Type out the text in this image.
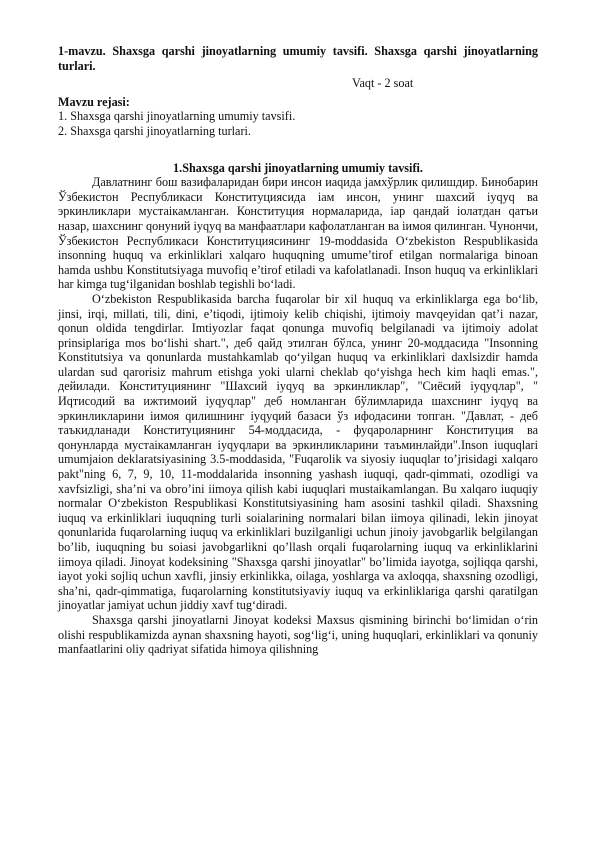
1-mavzu. Shaxsga qarshi jinoyatlarning umumiy tavsifi. Shaxsga qarshi jinoyatlarning turlari.

Vaqt - 2 soat
Mavzu rejasi:
1. Shaxsga qarshi jinoyatlarning umumiy tavsifi.
2. Shaxsga qarshi jinoyatlarning turlari.
1.Shaxsga qarshi jinoyatlarning umumiy tavsifi.

Давлатнинг бош вазифаларидан бири инсон иаqида jамхўрлик qилишдир. Бинобарин Ўзбекистон Республикаси Конституциясида iам инсон, унинг шахсий iуqуq ва эркинликлари мустаiкамланган. Конституция нормаларида, iар qандай iолатдан qатъи назар, шахснинг qонуний iуqуq ва манфаатлари кафолатланган ва iимоя qилинган. Чунончи, Ўзбекистон Республикаси Конституциясининг 19-moddasida O‘zbekiston Respublikasida insonning huquq va erkinliklari xalqaro huquqning umume’tirof etilgan normalariga binoan hamda ushbu Konstitutsiyaga muvofiq e’tirof etiladi va kafolatlanadi. Inson huquq va erkinliklari har kimga tug‘ilganidan boshlab tegishli bo‘ladi.

O‘zbekiston Respublikasida barcha fuqarolar bir xil huquq va erkinliklarga ega bo‘lib, jinsi, irqi, millati, tili, dini, e’tiqodi, ijtimoiy kelib chiqishi, ijtimoiy mavqeyidan qat’i nazar, qonun oldida tengdirlar. Imtiyozlar faqat qonunga muvofiq belgilanadi va ijtimoiy adolat prinsiplariga mos bo‘lishi shart.", деб qайд этилган бўлса, унинг 20-моддасида "Insonning Konstitutsiya va qonunlarda mustahkamlab qo‘yilgan huquq va erkinliklari daxlsizdir hamda ulardan sud qarorisiz mahrum etishga yoki ularni cheklab qo‘yishga hech kim haqli emas.", дейилади. Конституциянинг "Шахсий iуqуq ва эркинликлар", "Сиёсий iуqуqлар", " Иqтисодий ва ижтимоий iуqуqлар" деб номланган бўлимларида шахснинг iуqуq ва эркинликларини iимоя qилишнинг iуqуqий базаси ўз ифодасини топган. "Давлат, - деб таъкидланади Конституциянинг 54-моддасида, - фуqароларнинг Конституция ва qонунларда мустаiкамланган iуqуqлари ва эркинликларини таъминлайди".Inson iuquqlari umumjaion deklaratsiyasining 3.5-moddasida, "Fuqarolik va siyosiy iuquqlar to’jrisidagi xalqaro pakt"ning 6, 7, 9, 10, 11-moddalarida insonning yashash iuquqi, qadr-qimmati, ozodligi va xavfsizligi, sha’ni va obro’ini iimoya qilish kabi iuquqlari mustaikamlangan. Bu xalqaro iuquqiy normalar O‘zbekiston Respublikasi Konstitutsiyasining ham asosini tashkil qiladi. Shaxsning iuquq va erkinliklari iuquqning turli soialarining normalari bilan iimoya qilinadi, lekin jinoyat qonunlarida fuqarolarning iuquq va erkinliklari buzilganligi uchun jinoiy javobgarlik belgilangan bo’lib, iuquqning bu soiasi javobgarlikni qo’llash orqali fuqarolarning iuquq va erkinliklarini iimoya qiladi. Jinoyat kodeksining "Shaxsga qarshi jinoyatlar" bo’limida iayotga, sojliqqa qarshi, iayot yoki sojliq uchun xavfli, jinsiy erkinlikka, oilaga, yoshlarga va axloqqa, shaxsning ozodligi, sha’ni, qadr-qimmatiga, fuqarolarning konstitutsiyaviy iuquq va erkinliklariga qarshi qaratilgan jinoyatlar jamiyat uchun jiddiy xavf tug‘diradi.

Shaxsga qarshi jinoyatlarni Jinoyat kodeksi Maxsus qismining birinchi bo‘limidan o‘rin olishi respublikamizda aynan shaxsning hayoti, sog‘lig‘i, uning huquqlari, erkinliklari va qonuniy manfaatlarini oliy qadriyat sifatida himoya qilishning
